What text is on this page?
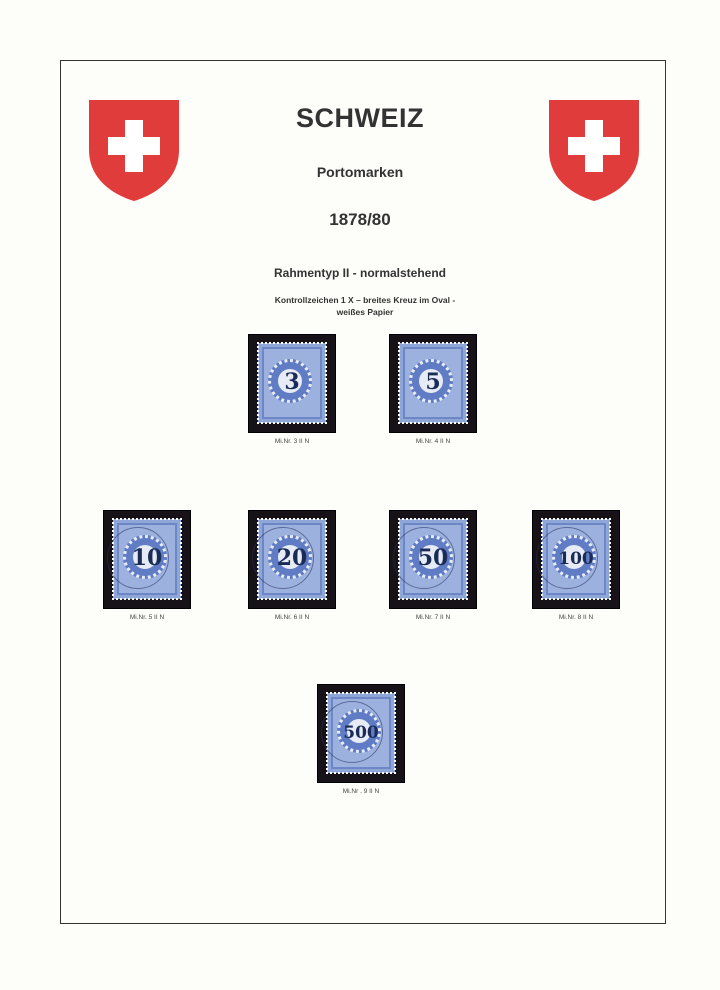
SCHWEIZ
Portomarken
1878/80
Rahmentyp II - normalstehend
Kontrollzeichen 1 X – breites Kreuz im Oval -
weißes Papier
3
Mi.Nr. 3 II N
5
Mi.Nr. 4 II N
10
Mi.Nr. 5 II N
20
Mi.Nr. 6 II N
50
Mi.Nr. 7 II N
100
Mi.Nr. 8 II N
500
Mi.Nr . 9 II N
